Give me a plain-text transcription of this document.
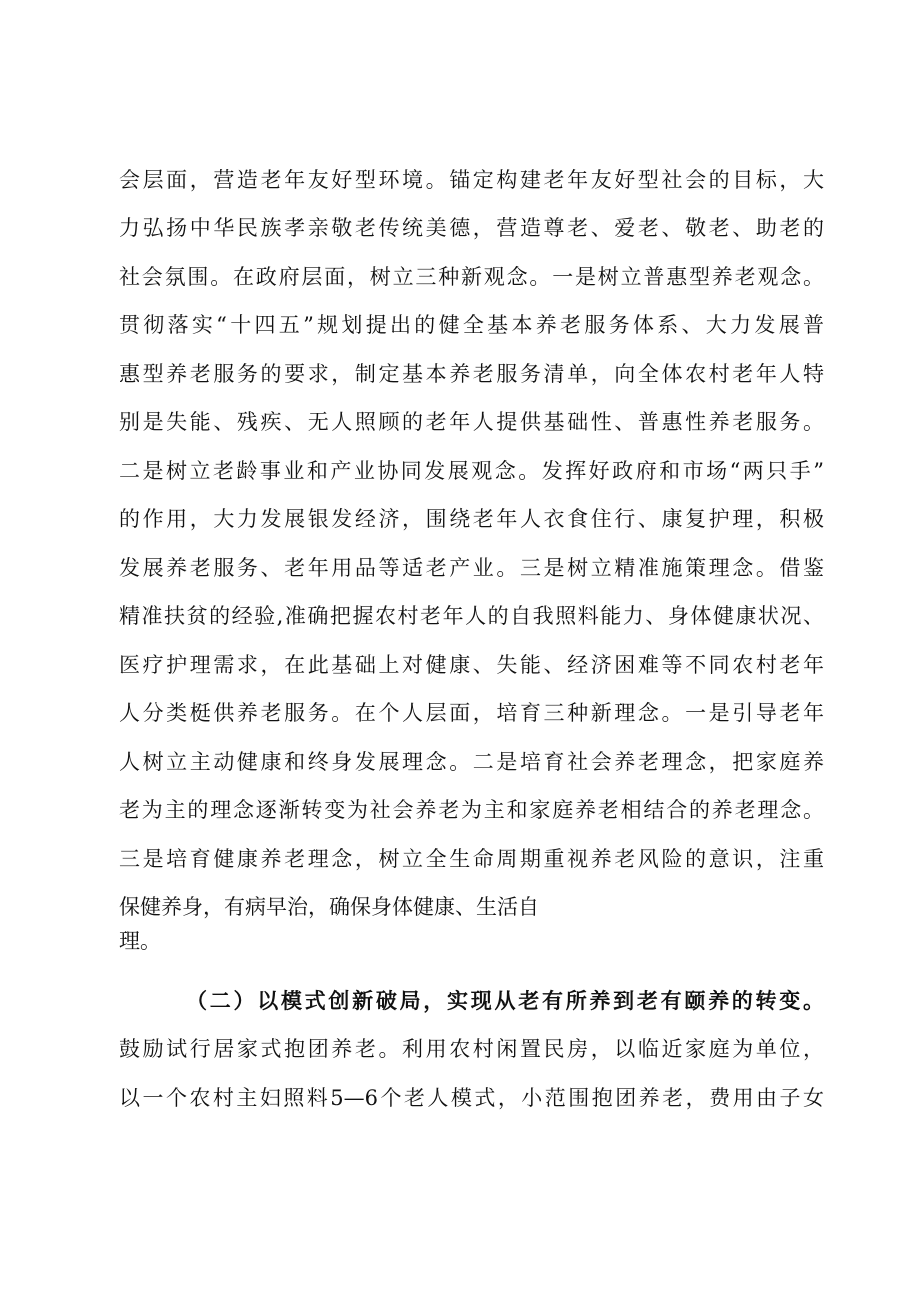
会层面，营造老年友好型环境。锚定构建老年友好型社会的目标，大
力弘扬中华民族孝亲敬老传统美德，营造尊老、爱老、敬老、助老的
社会氛围。在政府层面，树立三种新观念。一是树立普惠型养老观念。
贯彻落实“十四五”规划提出的健全基本养老服务体系、大力发展普
惠型养老服务的要求，制定基本养老服务清单，向全体农村老年人特
别是失能、残疾、无人照顾的老年人提供基础性、普惠性养老服务。
二是树立老龄事业和产业协同发展观念。发挥好政府和市场“两只手”
的作用，大力发展银发经济，围绕老年人衣食住行、康复护理，积极
发展养老服务、老年用品等适老产业。三是树立精准施策理念。借鉴
精准扶贫的经验,准确把握农村老年人的自我照料能力、身体健康状况、
医疗护理需求，在此基础上对健康、失能、经济困难等不同农村老年
人分类梃供养老服务。在个人层面，培育三种新理念。一是引导老年
人树立主动健康和终身发展理念。二是培育社会养老理念，把家庭养
老为主的理念逐渐转变为社会养老为主和家庭养老相结合的养老理念。
三是培育健康养老理念，树立全生命周期重视养老风险的意识，注重
保健养身，有病早治，确保身体健康、生活自
理。
（二）以模式创新破局，实现从老有所养到老有颐养的转变。
鼓励试行居家式抱团养老。利用农村闲置民房，以临近家庭为单位，
以一个农村主妇照料5—6个老人模式，小范围抱团养老，费用由子女
